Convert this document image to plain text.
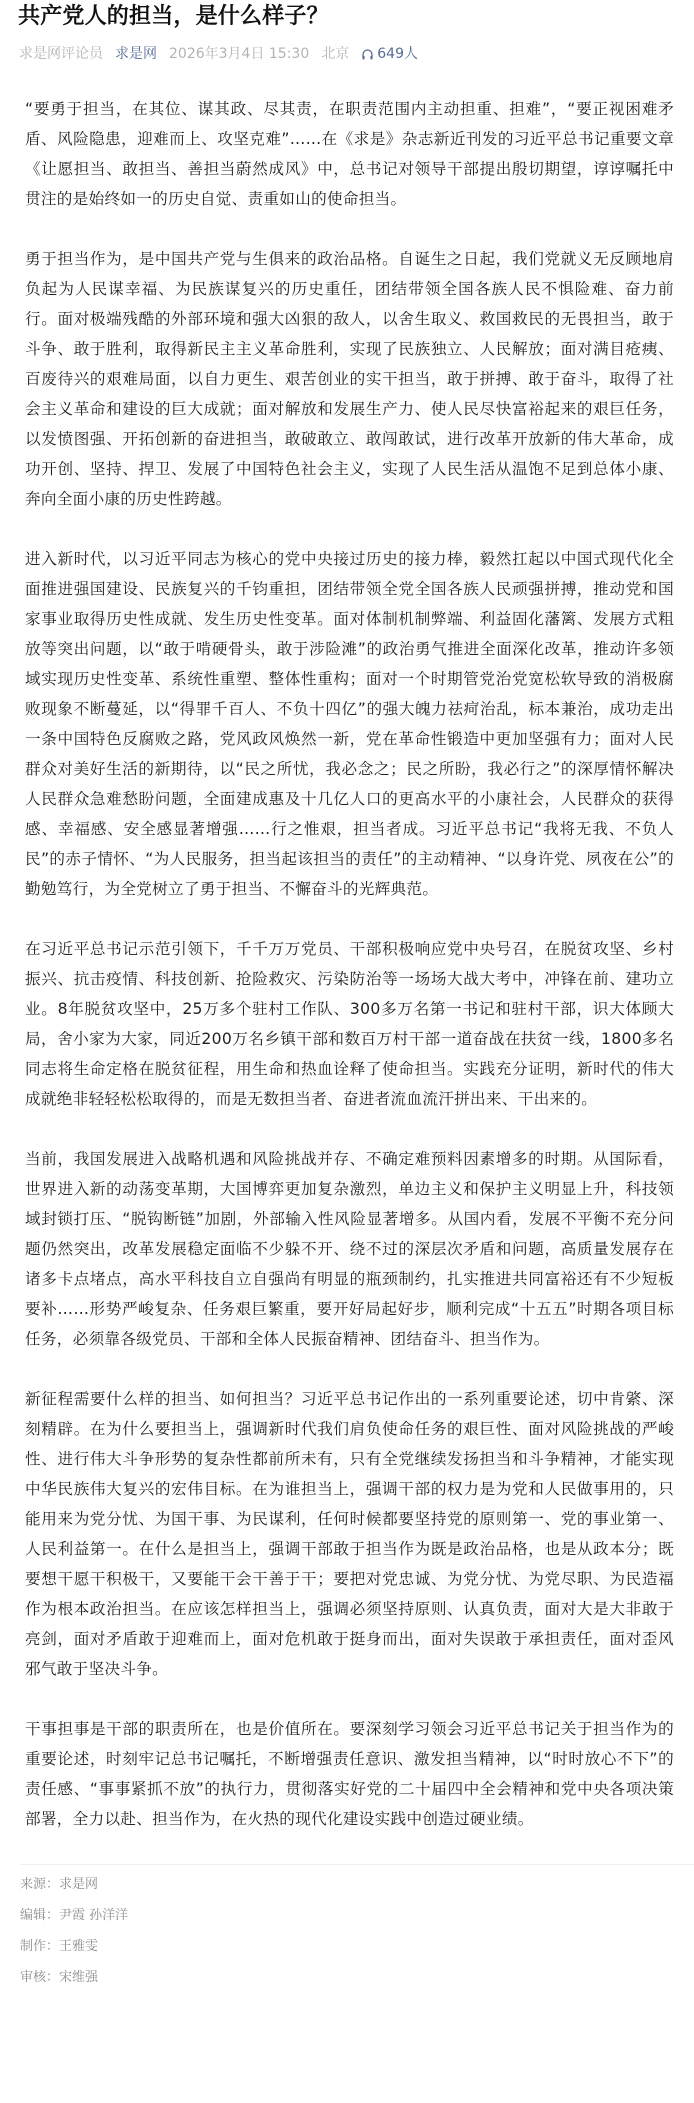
共产党人的担当，是什么样子？
求是网评论员 求是网 2026年3月4日 15:30 北京 649人

“要勇于担当，在其位、谋其政、尽其责，在职责范围内主动担重、担难”，“要正视困难矛盾、风险隐患，迎难而上、攻坚克难”……在《求是》杂志新近刊发的习近平总书记重要文章《让愿担当、敢担当、善担当蔚然成风》中，总书记对领导干部提出殷切期望，谆谆嘱托中贯注的是始终如一的历史自觉、责重如山的使命担当。

勇于担当作为，是中国共产党与生俱来的政治品格。自诞生之日起，我们党就义无反顾地肩负起为人民谋幸福、为民族谋复兴的历史重任，团结带领全国各族人民不惧险难、奋力前行。面对极端残酷的外部环境和强大凶狠的敌人，以舍生取义、救国救民的无畏担当，敢于斗争、敢于胜利，取得新民主主义革命胜利，实现了民族独立、人民解放；面对满目疮痍、百废待兴的艰难局面，以自力更生、艰苦创业的实干担当，敢于拼搏、敢于奋斗，取得了社会主义革命和建设的巨大成就；面对解放和发展生产力、使人民尽快富裕起来的艰巨任务，以发愤图强、开拓创新的奋进担当，敢破敢立、敢闯敢试，进行改革开放新的伟大革命，成功开创、坚持、捍卫、发展了中国特色社会主义，实现了人民生活从温饱不足到总体小康、奔向全面小康的历史性跨越。

进入新时代，以习近平同志为核心的党中央接过历史的接力棒，毅然扛起以中国式现代化全面推进强国建设、民族复兴的千钧重担，团结带领全党全国各族人民顽强拼搏，推动党和国家事业取得历史性成就、发生历史性变革。面对体制机制弊端、利益固化藩篱、发展方式粗放等突出问题，以“敢于啃硬骨头，敢于涉险滩”的政治勇气推进全面深化改革，推动许多领域实现历史性变革、系统性重塑、整体性重构；面对一个时期管党治党宽松软导致的消极腐败现象不断蔓延，以“得罪千百人、不负十四亿”的强大魄力祛疴治乱，标本兼治，成功走出一条中国特色反腐败之路，党风政风焕然一新，党在革命性锻造中更加坚强有力；面对人民群众对美好生活的新期待，以“民之所忧，我必念之；民之所盼，我必行之”的深厚情怀解决人民群众急难愁盼问题，全面建成惠及十几亿人口的更高水平的小康社会，人民群众的获得感、幸福感、安全感显著增强……行之惟艰，担当者成。习近平总书记“我将无我、不负人民”的赤子情怀、“为人民服务，担当起该担当的责任”的主动精神、“以身许党、夙夜在公”的勤勉笃行，为全党树立了勇于担当、不懈奋斗的光辉典范。

在习近平总书记示范引领下，千千万万党员、干部积极响应党中央号召，在脱贫攻坚、乡村振兴、抗击疫情、科技创新、抢险救灾、污染防治等一场场大战大考中，冲锋在前、建功立业。8年脱贫攻坚中，25万多个驻村工作队、300多万名第一书记和驻村干部，识大体顾大局，舍小家为大家，同近200万名乡镇干部和数百万村干部一道奋战在扶贫一线，1800多名同志将生命定格在脱贫征程，用生命和热血诠释了使命担当。实践充分证明，新时代的伟大成就绝非轻轻松松取得的，而是无数担当者、奋进者流血流汗拼出来、干出来的。

当前，我国发展进入战略机遇和风险挑战并存、不确定难预料因素增多的时期。从国际看，世界进入新的动荡变革期，大国博弈更加复杂激烈，单边主义和保护主义明显上升，科技领域封锁打压、“脱钩断链”加剧，外部输入性风险显著增多。从国内看，发展不平衡不充分问题仍然突出，改革发展稳定面临不少躲不开、绕不过的深层次矛盾和问题，高质量发展存在诸多卡点堵点，高水平科技自立自强尚有明显的瓶颈制约，扎实推进共同富裕还有不少短板要补……形势严峻复杂、任务艰巨繁重，要开好局起好步，顺利完成“十五五”时期各项目标任务，必须靠各级党员、干部和全体人民振奋精神、团结奋斗、担当作为。

新征程需要什么样的担当、如何担当？习近平总书记作出的一系列重要论述，切中肯綮、深刻精辟。在为什么要担当上，强调新时代我们肩负使命任务的艰巨性、面对风险挑战的严峻性、进行伟大斗争形势的复杂性都前所未有，只有全党继续发扬担当和斗争精神，才能实现中华民族伟大复兴的宏伟目标。在为谁担当上，强调干部的权力是为党和人民做事用的，只能用来为党分忧、为国干事、为民谋利，任何时候都要坚持党的原则第一、党的事业第一、人民利益第一。在什么是担当上，强调干部敢于担当作为既是政治品格，也是从政本分；既要想干愿干积极干，又要能干会干善于干；要把对党忠诚、为党分忧、为党尽职、为民造福作为根本政治担当。在应该怎样担当上，强调必须坚持原则、认真负责，面对大是大非敢于亮剑，面对矛盾敢于迎难而上，面对危机敢于挺身而出，面对失误敢于承担责任，面对歪风邪气敢于坚决斗争。

干事担事是干部的职责所在，也是价值所在。要深刻学习领会习近平总书记关于担当作为的重要论述，时刻牢记总书记嘱托，不断增强责任意识、激发担当精神，以“时时放心不下”的责任感、“事事紧抓不放”的执行力，贯彻落实好党的二十届四中全会精神和党中央各项决策部署，全力以赴、担当作为，在火热的现代化建设实践中创造过硬业绩。

来源：求是网
编辑：尹霞 孙洋洋
制作：王雅雯
审核：宋维强
